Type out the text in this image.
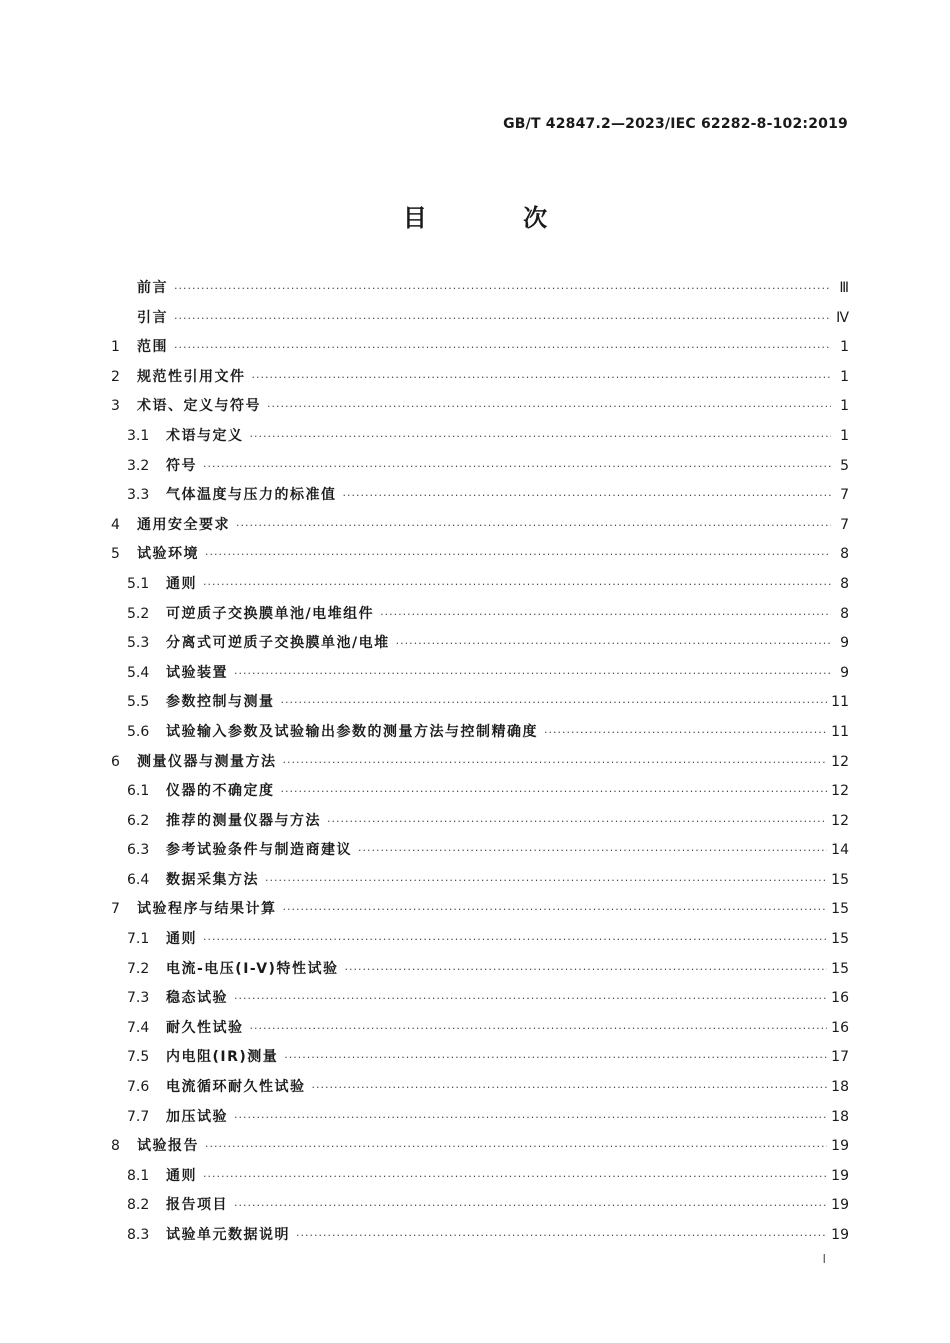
GB/T 42847.2—2023/IEC 62282-8-102:2019
目 次
前言 ·····	Ⅲ
引言 ·····	Ⅳ
1	范围 ·····	1
2	规范性引用文件 ·····	1
3	术语、定义与符号 ·····	1
3.1	术语与定义 ·····	1
3.2	符号 ·····	5
3.3	气体温度与压力的标准值 ·····	7
4	通用安全要求 ·····	7
5	试验环境 ·····	8
5.1	通则 ·····	8
5.2	可逆质子交换膜单池/电堆组件 ·····	8
5.3	分离式可逆质子交换膜单池/电堆 ·····	9
5.4	试验装置 ·····	9
5.5	参数控制与测量 ·····	11
5.6	试验输入参数及试验输出参数的测量方法与控制精确度 ·····	11
6	测量仪器与测量方法 ·····	12
6.1	仪器的不确定度 ·····	12
6.2	推荐的测量仪器与方法 ·····	12
6.3	参考试验条件与制造商建议 ·····	14
6.4	数据采集方法 ·····	15
7	试验程序与结果计算 ·····	15
7.1	通则 ·····	15
7.2	电流-电压(I-V)特性试验 ·····	15
7.3	稳态试验 ·····	16
7.4	耐久性试验 ·····	16
7.5	内电阻(IR)测量 ·····	17
7.6	电流循环耐久性试验 ·····	18
7.7	加压试验 ·····	18
8	试验报告 ·····	19
8.1	通则 ·····	19
8.2	报告项目 ·····	19
8.3	试验单元数据说明 ·····	19
I
